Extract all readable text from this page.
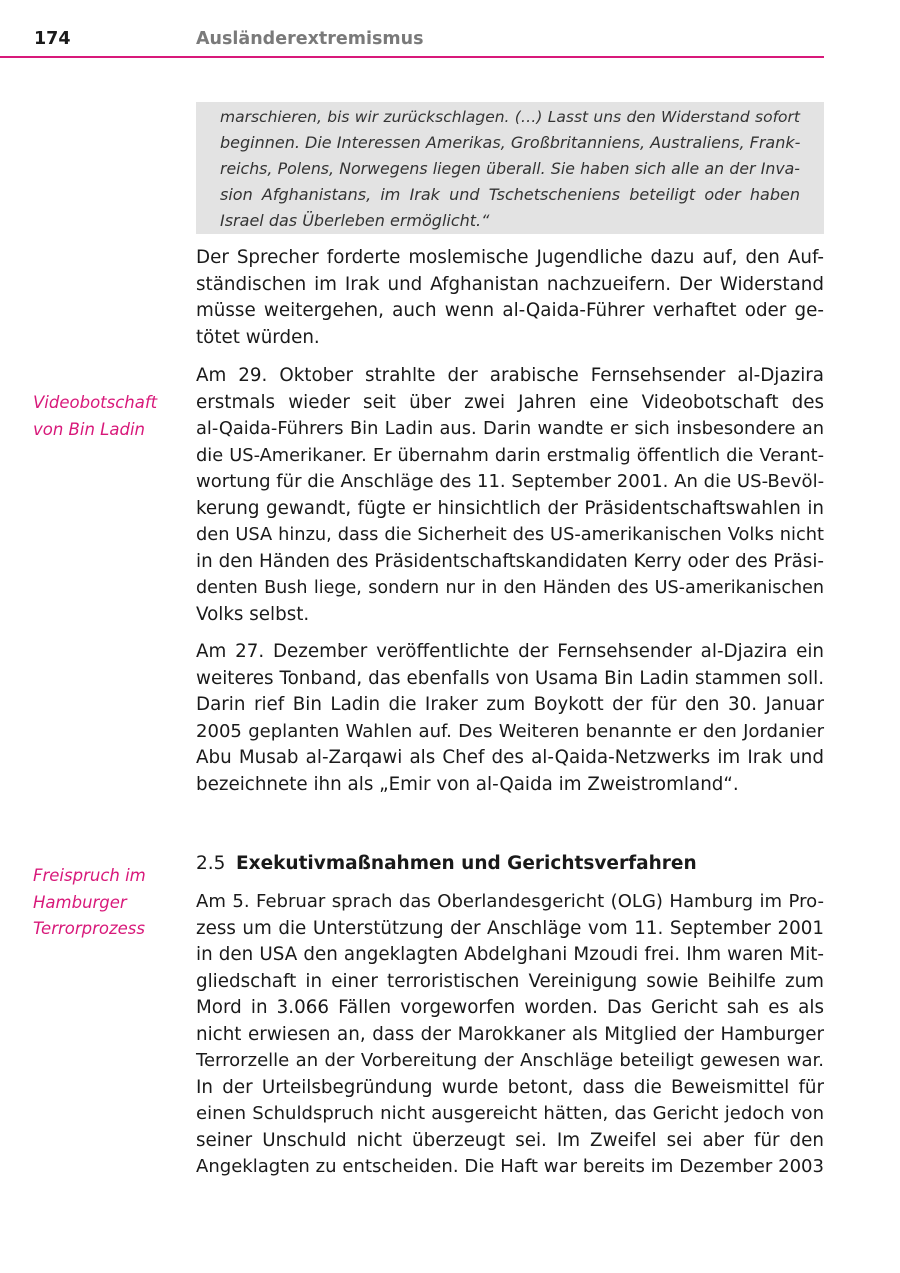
174	Ausländerextremismus
marschieren, bis wir zurückschlagen. (…) Lasst uns den Widerstand sofort
beginnen. Die Interessen Amerikas, Großbritanniens, Australiens, Frank-
reichs, Polens, Norwegens liegen überall. Sie haben sich alle an der Inva-
sion Afghanistans, im Irak und Tschetscheniens beteiligt oder haben
Israel das Überleben ermöglicht.“
Der Sprecher forderte moslemische Jugendliche dazu auf, den Auf-
ständischen im Irak und Afghanistan nachzueifern. Der Widerstand
müsse weitergehen, auch wenn al-Qaida-Führer verhaftet oder ge-
tötet würden.
Videobotschaft
von Bin Ladin
Am 29. Oktober strahlte der arabische Fernsehsender al-Djazira
erstmals wieder seit über zwei Jahren eine Videobotschaft des
al-Qaida-Führers Bin Ladin aus. Darin wandte er sich insbesondere an
die US-Amerikaner. Er übernahm darin erstmalig öffentlich die Verant-
wortung für die Anschläge des 11. September 2001. An die US-Bevöl-
kerung gewandt, fügte er hinsichtlich der Präsidentschaftswahlen in
den USA hinzu, dass die Sicherheit des US-amerikanischen Volks nicht
in den Händen des Präsidentschaftskandidaten Kerry oder des Präsi-
denten Bush liege, sondern nur in den Händen des US-amerikanischen
Volks selbst.
Am 27. Dezember veröffentlichte der Fernsehsender al-Djazira ein
weiteres Tonband, das ebenfalls von Usama Bin Ladin stammen soll.
Darin rief Bin Ladin die Iraker zum Boykott der für den 30. Januar
2005 geplanten Wahlen auf. Des Weiteren benannte er den Jordanier
Abu Musab al-Zarqawi als Chef des al-Qaida-Netzwerks im Irak und
bezeichnete ihn als „Emir von al-Qaida im Zweistromland“.
2.5 Exekutivmaßnahmen und Gerichtsverfahren
Freispruch im
Hamburger
Terrorprozess
Am 5. Februar sprach das Oberlandesgericht (OLG) Hamburg im Pro-
zess um die Unterstützung der Anschläge vom 11. September 2001
in den USA den angeklagten Abdelghani Mzoudi frei. Ihm waren Mit-
gliedschaft in einer terroristischen Vereinigung sowie Beihilfe zum
Mord in 3.066 Fällen vorgeworfen worden. Das Gericht sah es als
nicht erwiesen an, dass der Marokkaner als Mitglied der Hamburger
Terrorzelle an der Vorbereitung der Anschläge beteiligt gewesen war.
In der Urteilsbegründung wurde betont, dass die Beweismittel für
einen Schuldspruch nicht ausgereicht hätten, das Gericht jedoch von
seiner Unschuld nicht überzeugt sei. Im Zweifel sei aber für den
Angeklagten zu entscheiden. Die Haft war bereits im Dezember 2003
